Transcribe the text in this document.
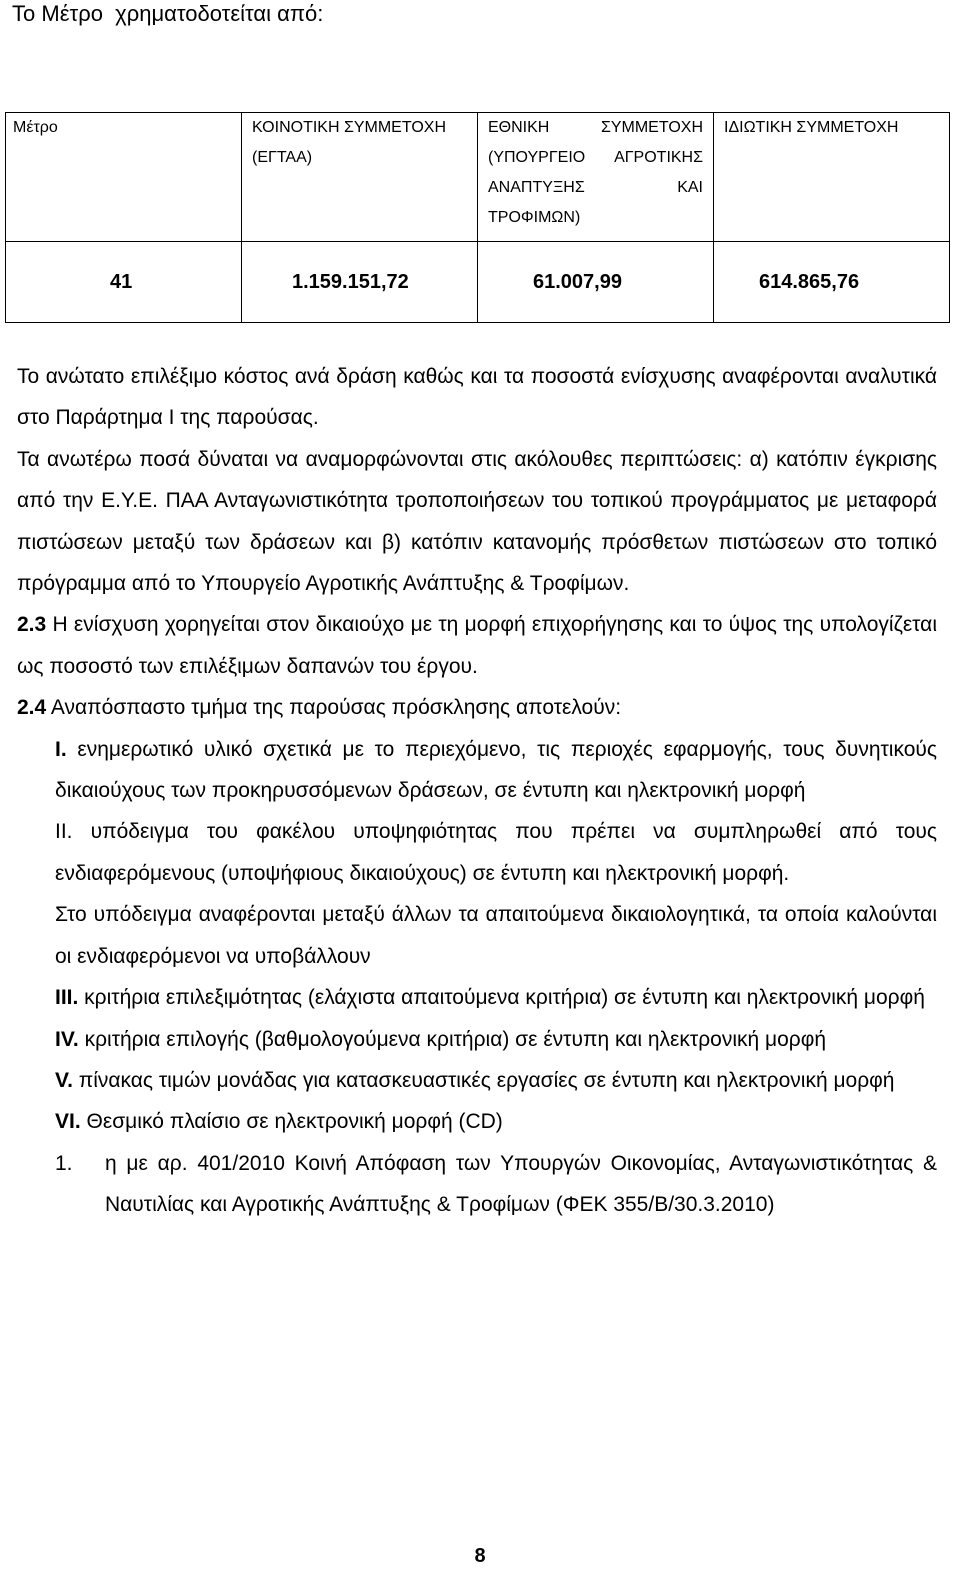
Το Μέτρο  χρηματοδοτείται από:
Μέτρο	ΚΟΙΝΟΤΙΚΗ ΣΥΜΜΕΤΟΧΗ (ΕΓΤΑΑ)	ΕΘΝΙΚΗ ΣΥΜΜΕΤΟΧΗ (ΥΠΟΥΡΓΕΙΟ ΑΓΡΟΤΙΚΗΣ ΑΝΑΠΤΥΞΗΣ ΚΑΙ ΤΡΟΦΙΜΩΝ)	ΙΔΙΩΤΙΚΗ ΣΥΜΜΕΤΟΧΗ

41	1.159.151,72	61.007,99	614.865,76

Το ανώτατο επιλέξιμο κόστος ανά δράση καθώς και τα ποσοστά ενίσχυσης αναφέρονται αναλυτικά στο Παράρτημα Ι της παρούσας.

Τα ανωτέρω ποσά δύναται να αναμορφώνονται στις ακόλουθες περιπτώσεις: α) κατόπιν έγκρισης από την Ε.Υ.Ε. ΠΑΑ Ανταγωνιστικότητα τροποποιήσεων του τοπικού προγράμματος με μεταφορά πιστώσεων μεταξύ των δράσεων και β) κατόπιν κατανομής πρόσθετων πιστώσεων στο τοπικό πρόγραμμα από το Υπουργείο Αγροτικής Ανάπτυξης & Τροφίμων.

2.3 Η ενίσχυση χορηγείται στον δικαιούχο με τη μορφή επιχορήγησης και το ύψος της υπολογίζεται ως ποσοστό των επιλέξιμων δαπανών του έργου.

2.4 Αναπόσπαστο τμήμα της παρούσας πρόσκλησης αποτελούν:

Ι. ενημερωτικό υλικό σχετικά με το περιεχόμενο, τις περιοχές εφαρμογής, τους δυνητικούς δικαιούχους των προκηρυσσόμενων δράσεων, σε έντυπη και ηλεκτρονική μορφή

ΙΙ. υπόδειγμα του φακέλου υποψηφιότητας που πρέπει να συμπληρωθεί από τους ενδιαφερόμενους (υποψήφιους δικαιούχους) σε έντυπη και ηλεκτρονική μορφή.

Στο υπόδειγμα αναφέρονται μεταξύ άλλων τα απαιτούμενα δικαιολογητικά, τα οποία καλούνται οι ενδιαφερόμενοι να υποβάλλουν

ΙΙΙ. κριτήρια επιλεξιμότητας (ελάχιστα απαιτούμενα κριτήρια) σε έντυπη και ηλεκτρονική μορφή

ΙV. κριτήρια επιλογής (βαθμολογούμενα κριτήρια) σε έντυπη και ηλεκτρονική μορφή

V. πίνακας τιμών μονάδας για κατασκευαστικές εργασίες σε έντυπη και ηλεκτρονική μορφή

VI. Θεσμικό πλαίσιο σε ηλεκτρονική μορφή (CD)

1. η με αρ. 401/2010 Κοινή Απόφαση των Υπουργών Οικονομίας, Ανταγωνιστικότητας & Ναυτιλίας και Αγροτικής Ανάπτυξης & Τροφίμων (ΦΕΚ 355/Β/30.3.2010)

8
